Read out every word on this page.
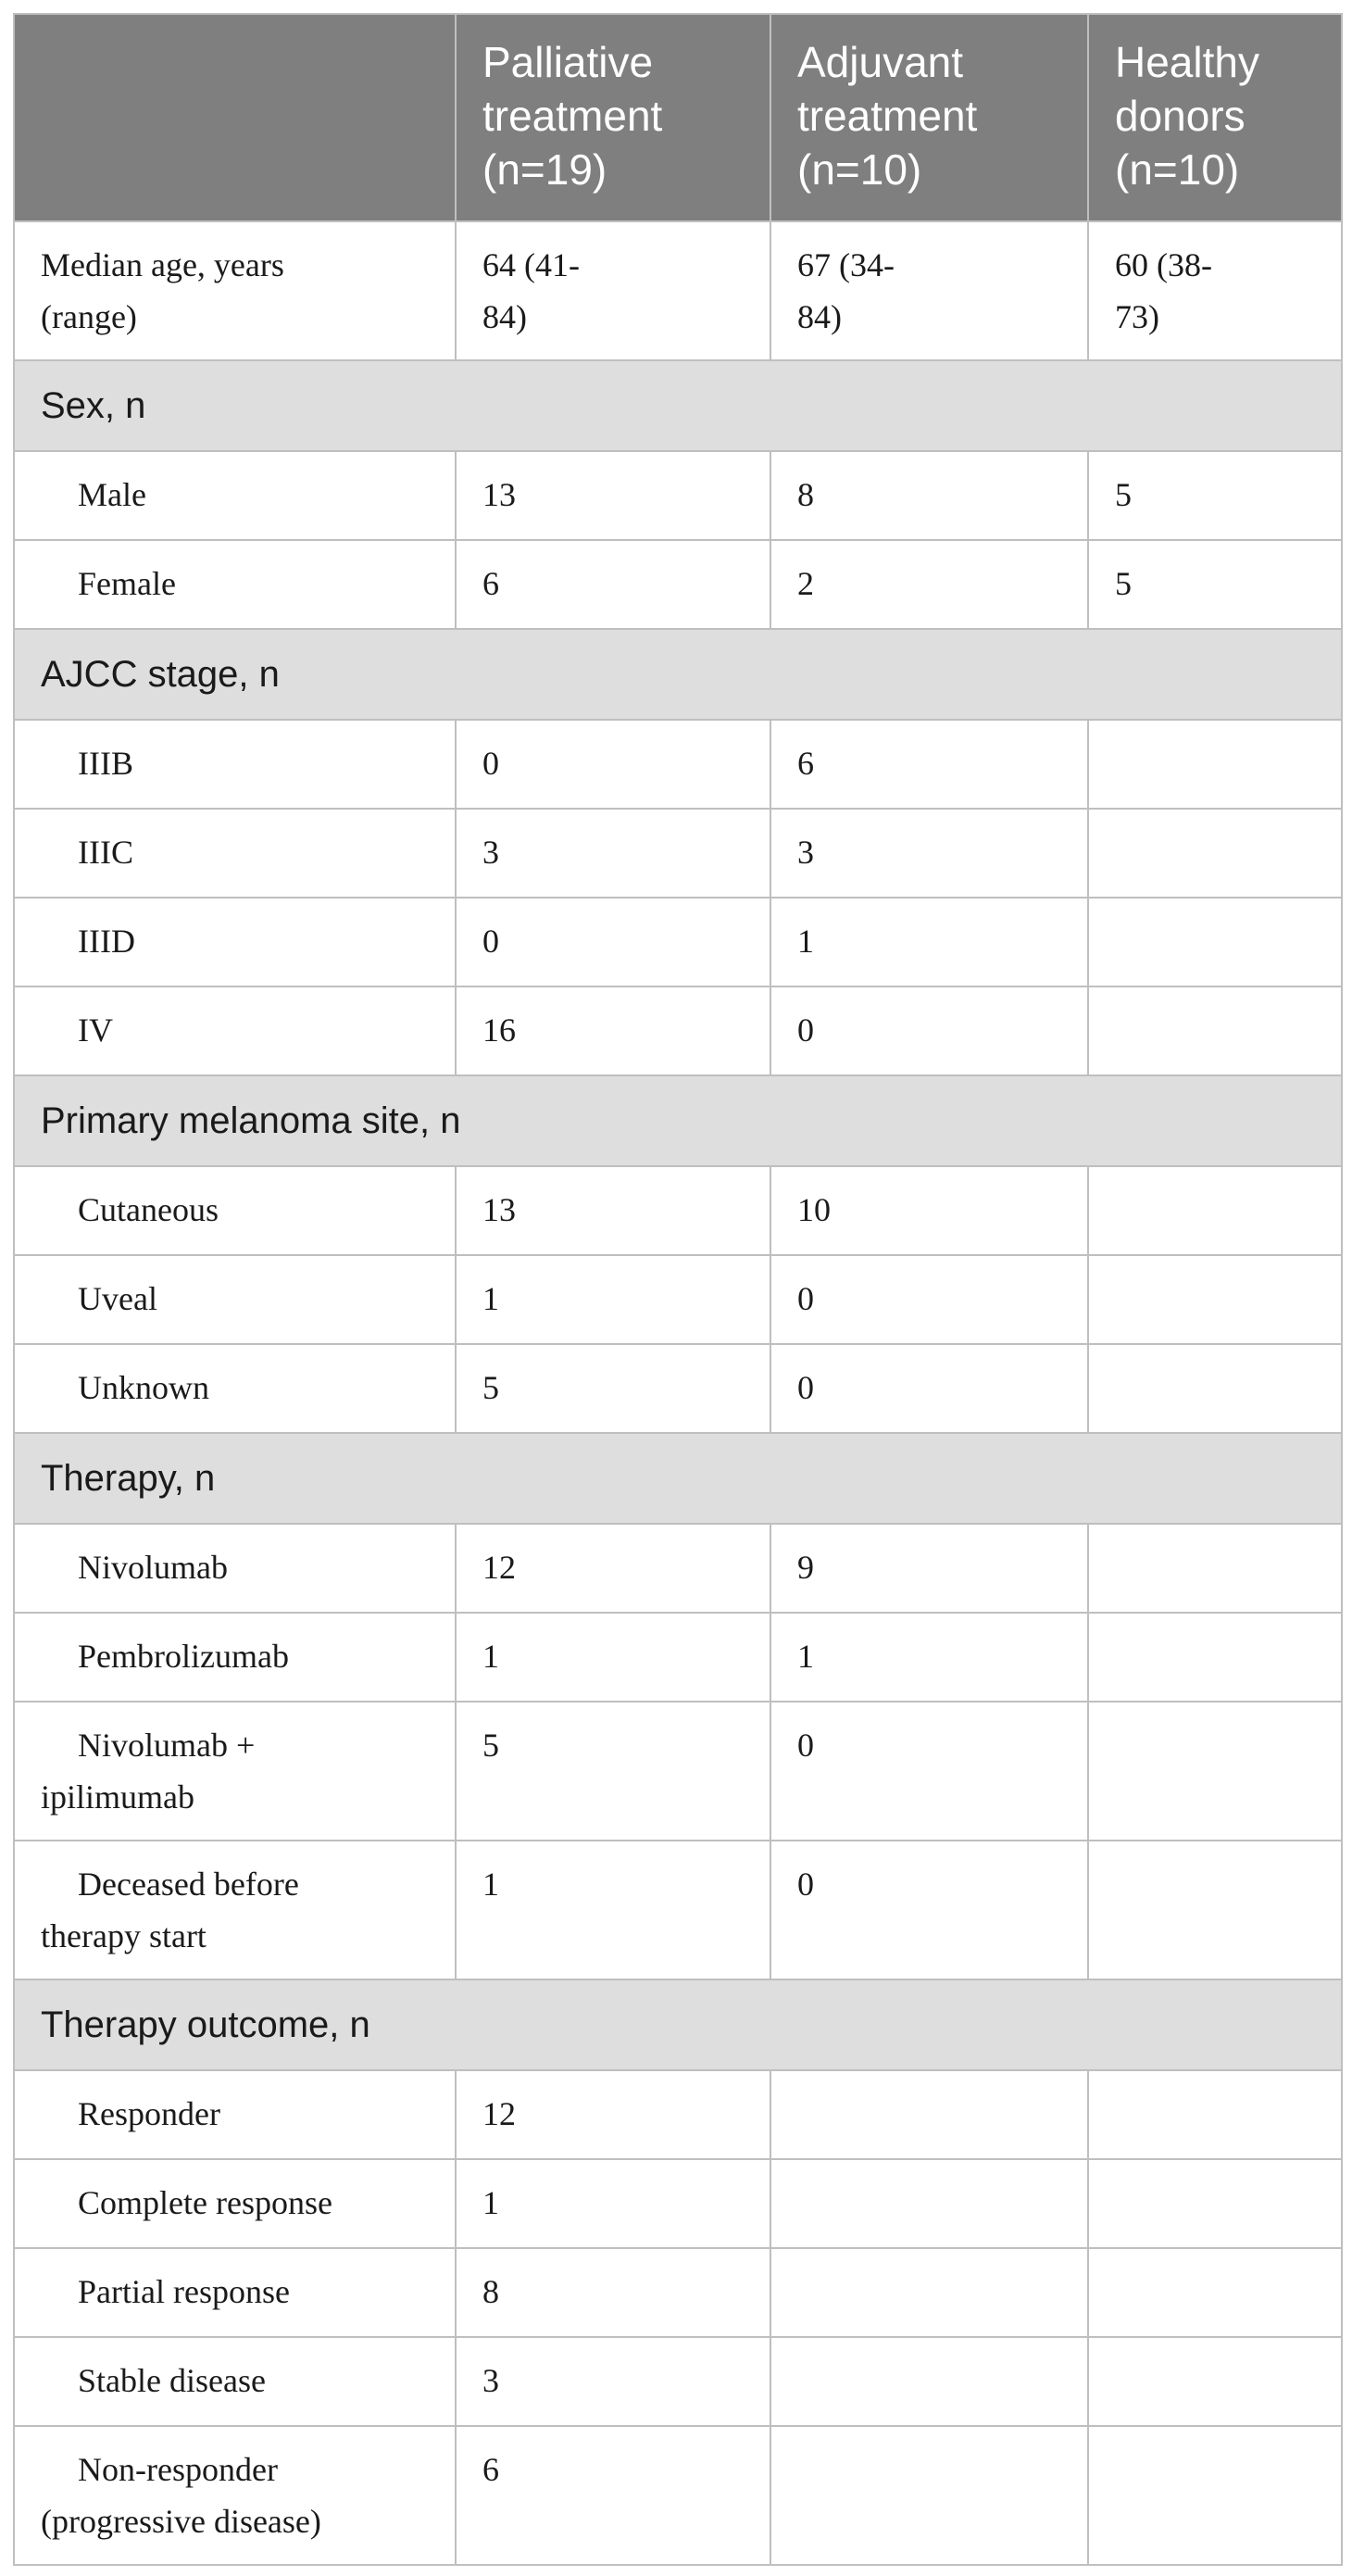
	Palliative treatment (n=19)	Adjuvant treatment (n=10)	Healthy donors (n=10)

Median age, years (range)	64 (41-84)	67 (34-84)	60 (38-73)

Sex, n			
Male	13	8	5
Female	6	2	5
AJCC stage, n			
IIIB	0	6	
IIIC	3	3	
IIID	0	1	
IV	16	0	
Primary melanoma site, n			
Cutaneous	13	10	
Uveal	1	0	
Unknown	5	0	
Therapy, n			
Nivolumab	12	9	
Pembrolizumab	1	1	

Nivolumab + ipilimumab	5	0	

Deceased before therapy start	1	0	
Therapy outcome, n			
Responder	12		
Complete response	1		
Partial response	8		
Stable disease	3		

Non-responder (progressive disease)	6		
